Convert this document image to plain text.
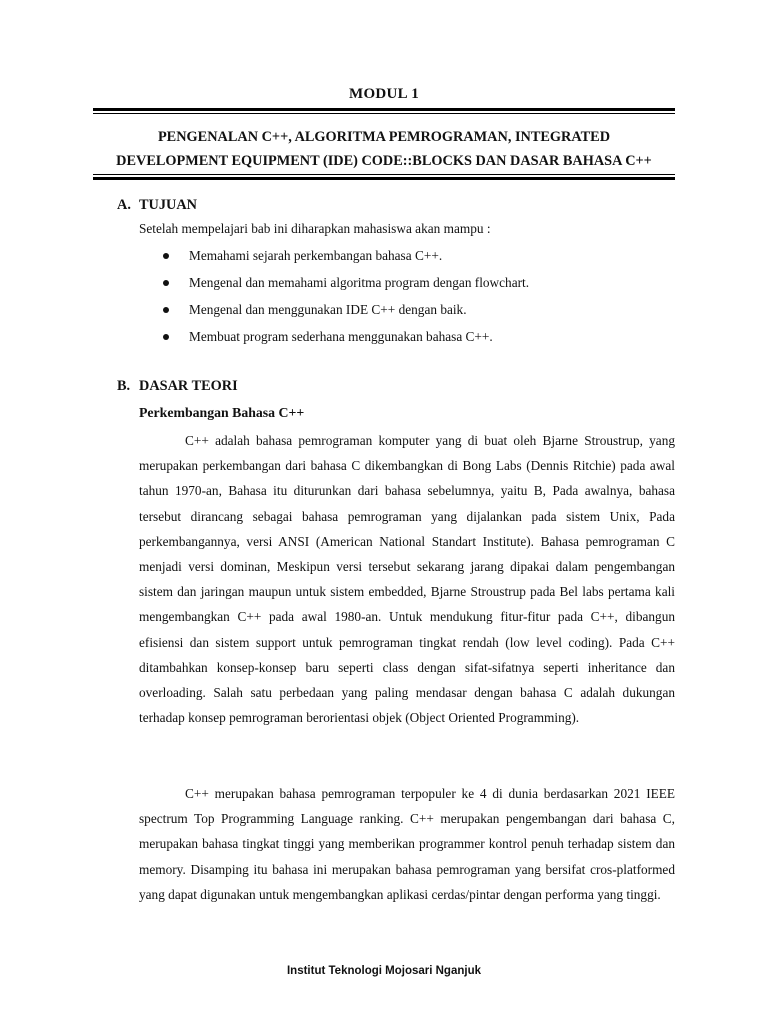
MODUL 1
PENGENALAN C++, ALGORITMA PEMROGRAMAN, INTEGRATED
DEVELOPMENT EQUIPMENT (IDE) CODE::BLOCKS DAN DASAR BAHASA C++
A. TUJUAN
Setelah mempelajari bab ini diharapkan mahasiswa akan mampu :
Memahami sejarah perkembangan bahasa C++.
Mengenal dan memahami algoritma program dengan flowchart.
Mengenal dan menggunakan IDE C++ dengan baik.
Membuat program sederhana menggunakan bahasa C++.
B. DASAR TEORI
Perkembangan Bahasa C++
C++ adalah bahasa pemrograman komputer yang di buat oleh Bjarne Stroustrup, yang merupakan perkembangan dari bahasa C dikembangkan di Bong Labs (Dennis Ritchie) pada awal tahun 1970-an, Bahasa itu diturunkan dari bahasa sebelumnya, yaitu B, Pada awalnya, bahasa tersebut dirancang sebagai bahasa pemrograman yang dijalankan pada sistem Unix, Pada perkembangannya, versi ANSI (American National Standart Institute). Bahasa pemrograman C menjadi versi dominan, Meskipun versi tersebut sekarang jarang dipakai dalam pengembangan sistem dan jaringan maupun untuk sistem embedded, Bjarne Stroustrup pada Bel labs pertama kali mengembangkan C++ pada awal 1980-an. Untuk mendukung fitur-fitur pada C++, dibangun efisiensi dan sistem support untuk pemrograman tingkat rendah (low level coding). Pada C++ ditambahkan konsep-konsep baru seperti class dengan sifat-sifatnya seperti inheritance dan overloading. Salah satu perbedaan yang paling mendasar dengan bahasa C adalah dukungan terhadap konsep pemrograman berorientasi objek (Object Oriented Programming).
C++ merupakan bahasa pemrograman terpopuler ke 4 di dunia berdasarkan 2021 IEEE spectrum Top Programming Language ranking. C++ merupakan pengembangan dari bahasa C, merupakan bahasa tingkat tinggi yang memberikan programmer kontrol penuh terhadap sistem dan memory. Disamping itu bahasa ini merupakan bahasa pemrograman yang bersifat cros-platformed yang dapat digunakan untuk mengembangkan aplikasi cerdas/pintar dengan performa yang tinggi.
Institut Teknologi Mojosari Nganjuk
